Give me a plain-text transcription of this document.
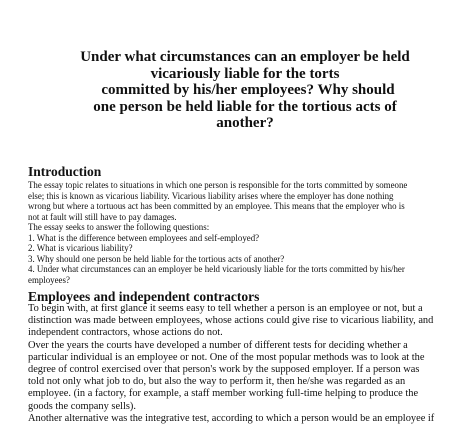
Under what circumstances can an employer be held
vicariously liable for the torts
committed by his/her employees? Why should
one person be held liable for the tortious acts of
another?
Introduction
The essay topic relates to situations in which one person is responsible for the torts committed by someone
else; this is known as vicarious liability. Vicarious liability arises where the employer has done nothing
wrong but where a tortuous act has been committed by an employee. This means that the employer who is
not at fault will still have to pay damages.
The essay seeks to answer the following questions:
1. What is the difference between employees and self-employed?
2. What is vicarious liability?
3. Why should one person be held liable for the tortious acts of another?
4. Under what circumstances can an employer be held vicariously liable for the torts committed by his/her
employees?
Employees and independent contractors
To begin with, at first glance it seems easy to tell whether a person is an employee or not, but a
distinction was made between employees, whose actions could give rise to vicarious liability, and
independent contractors, whose actions do not.
Over the years the courts have developed a number of different tests for deciding whether a
particular individual is an employee or not. One of the most popular methods was to look at the
degree of control exercised over that person's work by the supposed employer. If a person was
told not only what job to do, but also the way to perform it, then he/she was regarded as an
employee. (in a factory, for example, a staff member working full-time helping to produce the
goods the company sells).
Another alternative was the integrative test, according to which a person would be an employee if
